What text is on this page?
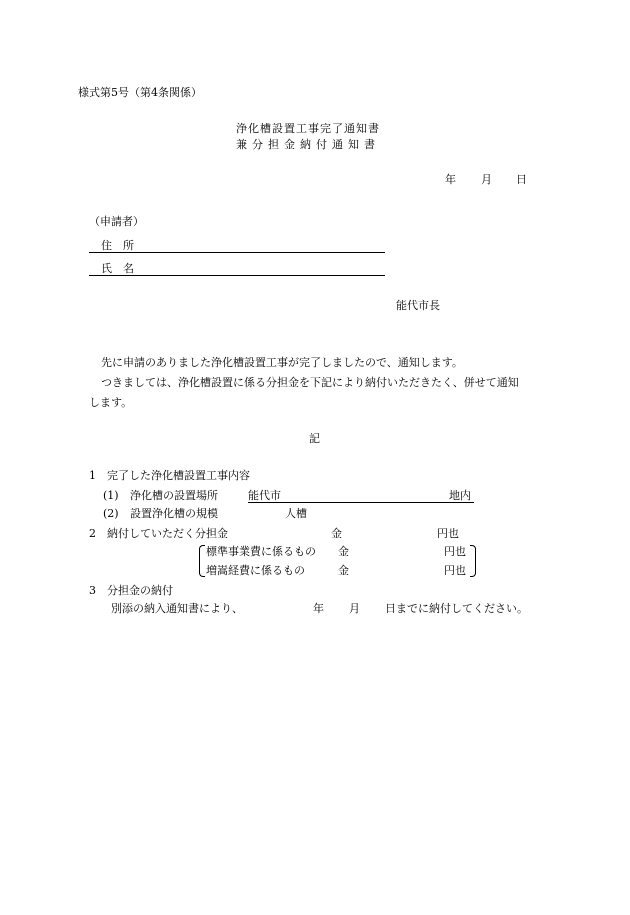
様式第5号（第4条関係）
浄化槽設置工事完了通知書
兼分担金納付通知書
年 月 日
（申請者）
住　所
氏　名
能代市長
先に申請のありました浄化槽設置工事が完了しましたので、通知します。
つきましては、浄化槽設置に係る分担金を下記により納付いただきたく、併せて通知
します。
記
1　完了した浄化槽設置工事内容
(1) 浄化槽の設置場所	能代市	地内
(2) 設置浄化槽の規模	人槽
2　納付していただく分担金	金	円也
標準事業費に係るもの 金	円也
増嵩経費に係るもの	金	円也
3　分担金の納付
別添の納入通知書により、	年 月 日までに納付してください。
